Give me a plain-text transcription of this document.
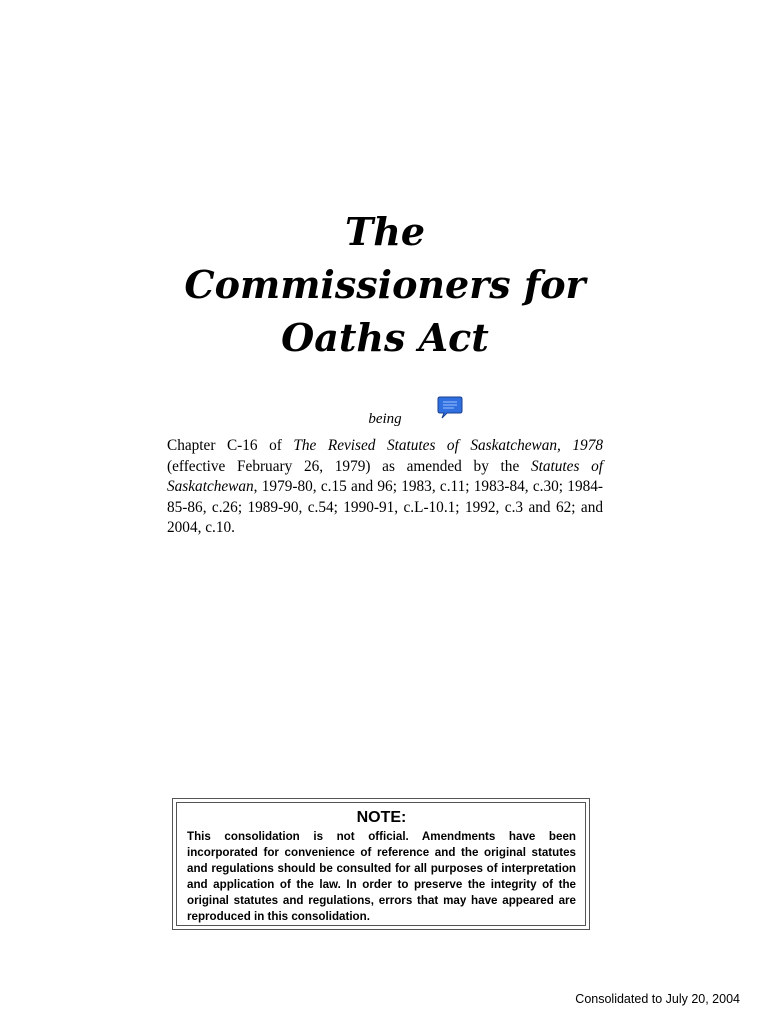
The
Commissioners for
Oaths Act
being

Chapter C-16 of The Revised Statutes of Saskatchewan, 1978 (effective February 26, 1979) as amended by the Statutes of Saskatchewan, 1979-80, c.15 and 96; 1983, c.11; 1983-84, c.30; 1984-85-86, c.26; 1989-90, c.54; 1990-91, c.L-10.1; 1992, c.3 and 62; and 2004, c.10.

NOTE:

This consolidation is not official. Amendments have been incorporated for convenience of reference and the original statutes and regulations should be consulted for all purposes of interpretation and application of the law. In order to preserve the integrity of the original statutes and regulations, errors that may have appeared are reproduced in this consolidation.

Consolidated to July 20, 2004
